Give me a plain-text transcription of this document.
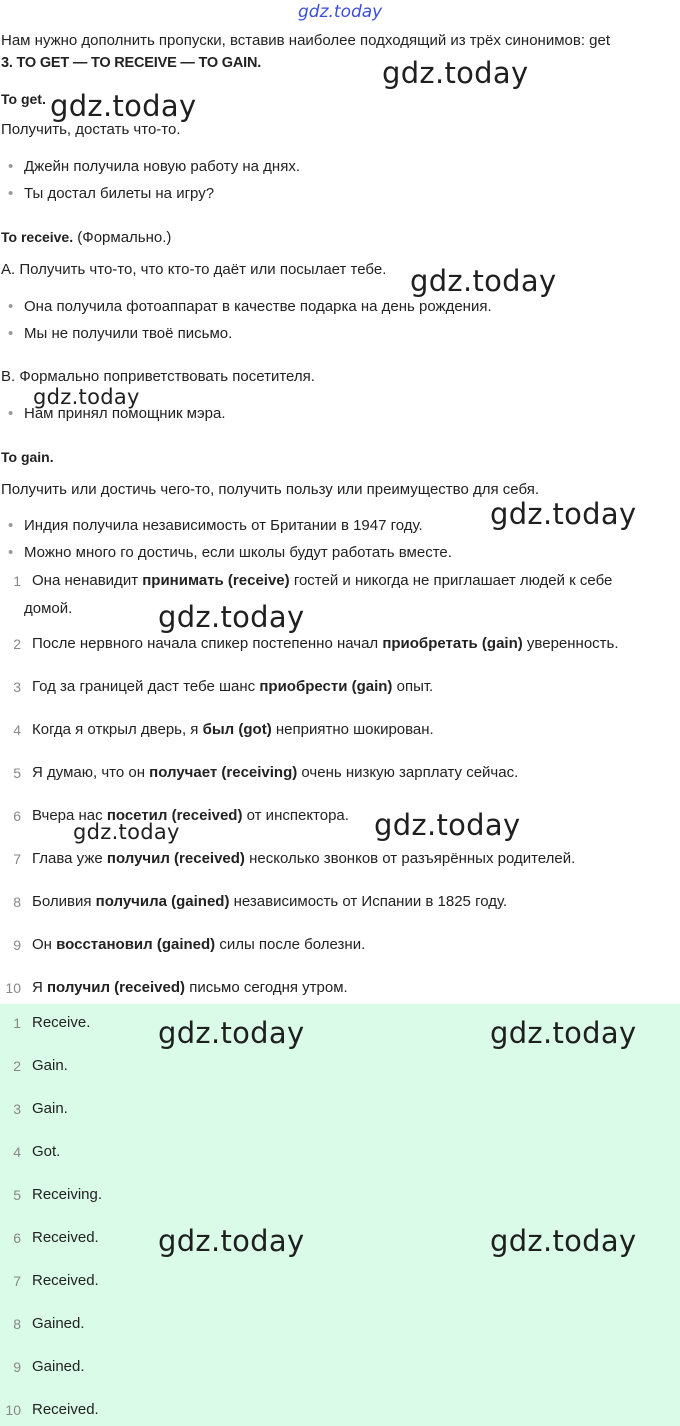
gdz.today
Нам нужно дополнить пропуски, вставив наиболее подходящий из трёх синонимов: get
3. TO GET — TO RECEIVE — TO GAIN.
To get.
Получить, достать что-то.
•
Джейн получила новую работу на днях.
•
Ты достал билеты на игру?
To receive. (Формально.)
A. Получить что-то, что кто-то даёт или посылает тебе.
•
Она получила фотоаппарат в качестве подарка на день рождения.
•
Мы не получили твоё письмо.
B. Формально поприветствовать посетителя.
•
Нам принял помощник мэра.
To gain.
Получить или достичь чего-то, получить пользу или преимущество для себя.
•
Индия получила независимость от Британии в 1947 году.
•
Можно много го достичь, если школы будут работать вместе.
1 Она ненавидит принимать (receive) гостей и никогда не приглашает людей к себе
домой.
2 После нервного начала спикер постепенно начал приобретать (gain) уверенность.
3 Год за границей даст тебе шанс приобрести (gain) опыт.
4 Когда я открыл дверь, я был (got) неприятно шокирован.
5 Я думаю, что он получает (receiving) очень низкую зарплату сейчас.
6 Вчера нас посетил (received) от инспектора.
7 Глава уже получил (received) несколько звонков от разъярённых родителей.
8 Боливия получила (gained) независимость от Испании в 1825 году.
9 Он восстановил (gained) силы после болезни.
10 Я получил (received) письмо сегодня утром.
1 Receive.
2 Gain.
3 Gain.
4 Got.
5 Receiving.
6 Received.
7 Received.
8 Gained.
9 Gained.
10 Received.
gdz.today
gdz.today
gdz.today
gdz.today
gdz.today
gdz.today
gdz.today
gdz.today
gdz.today	gdz.today
gdz.today	gdz.today
